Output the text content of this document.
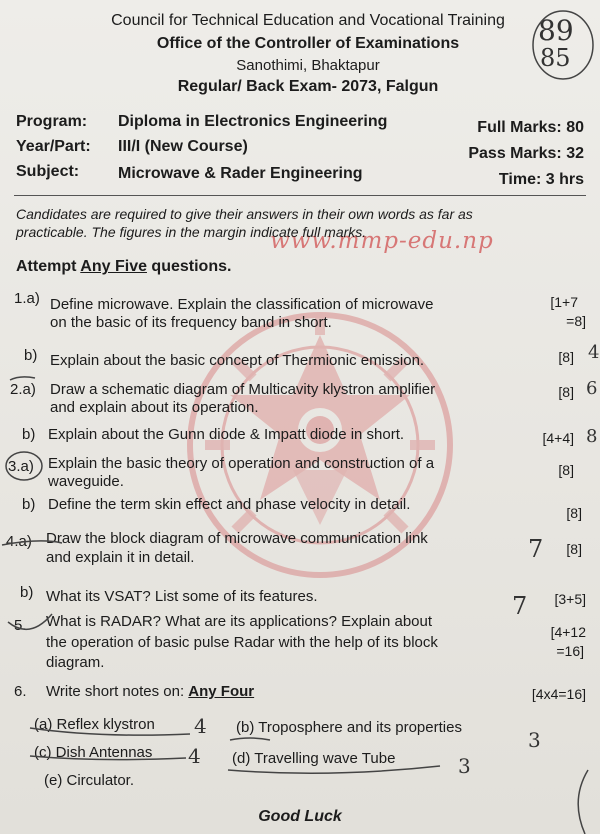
www.mmp-edu.np
Council for Technical Education and Vocational Training
Office of the Controller of Examinations
Sanothimi, Bhaktapur
Regular/ Back Exam- 2073, Falgun
Program: Diploma in Electronics Engineering	Full Marks: 80
Year/Part: III/I (New Course)	Pass Marks: 32
Subject: Microwave & Rader Engineering	Time: 3 hrs
Candidates are required to give their answers in their own words as far as
practicable. The figures in the margin indicate full marks.
Attempt Any Five questions.
1.a) Define microwave. Explain the classification of microwave
on the basic of its frequency band in short.
[1+7
=8]
b) Explain about the basic concept of Thermionic emission.	[8]
2.a) Draw a schematic diagram of Multicavity klystron amplifier
and explain about its operation.
[8]
b) Explain about the Gunn diode & Impatt diode in short.	[4+4]
3.a) Explain the basic theory of operation and construction of a
waveguide.
[8]
b) Define the term skin effect and phase velocity in detail.	[8]
4.a) Draw the block diagram of microwave communication link
and explain it in detail.	[8]
b) What its VSAT? List some of its features.	[3+5]
5. What is RADAR? What are its applications? Explain about
the operation of basic pulse Radar with the help of its block
diagram.
[4+12
=16]
6. Write short notes on: Any Four	[4x4=16]
(a) Reflex klystron	(b) Troposphere and its properties
(c) Dish Antennas	(d) Travelling wave Tube
(e) Circulator.
Good Luck
89
85
4
6
8
7
7
4
3
4	3
